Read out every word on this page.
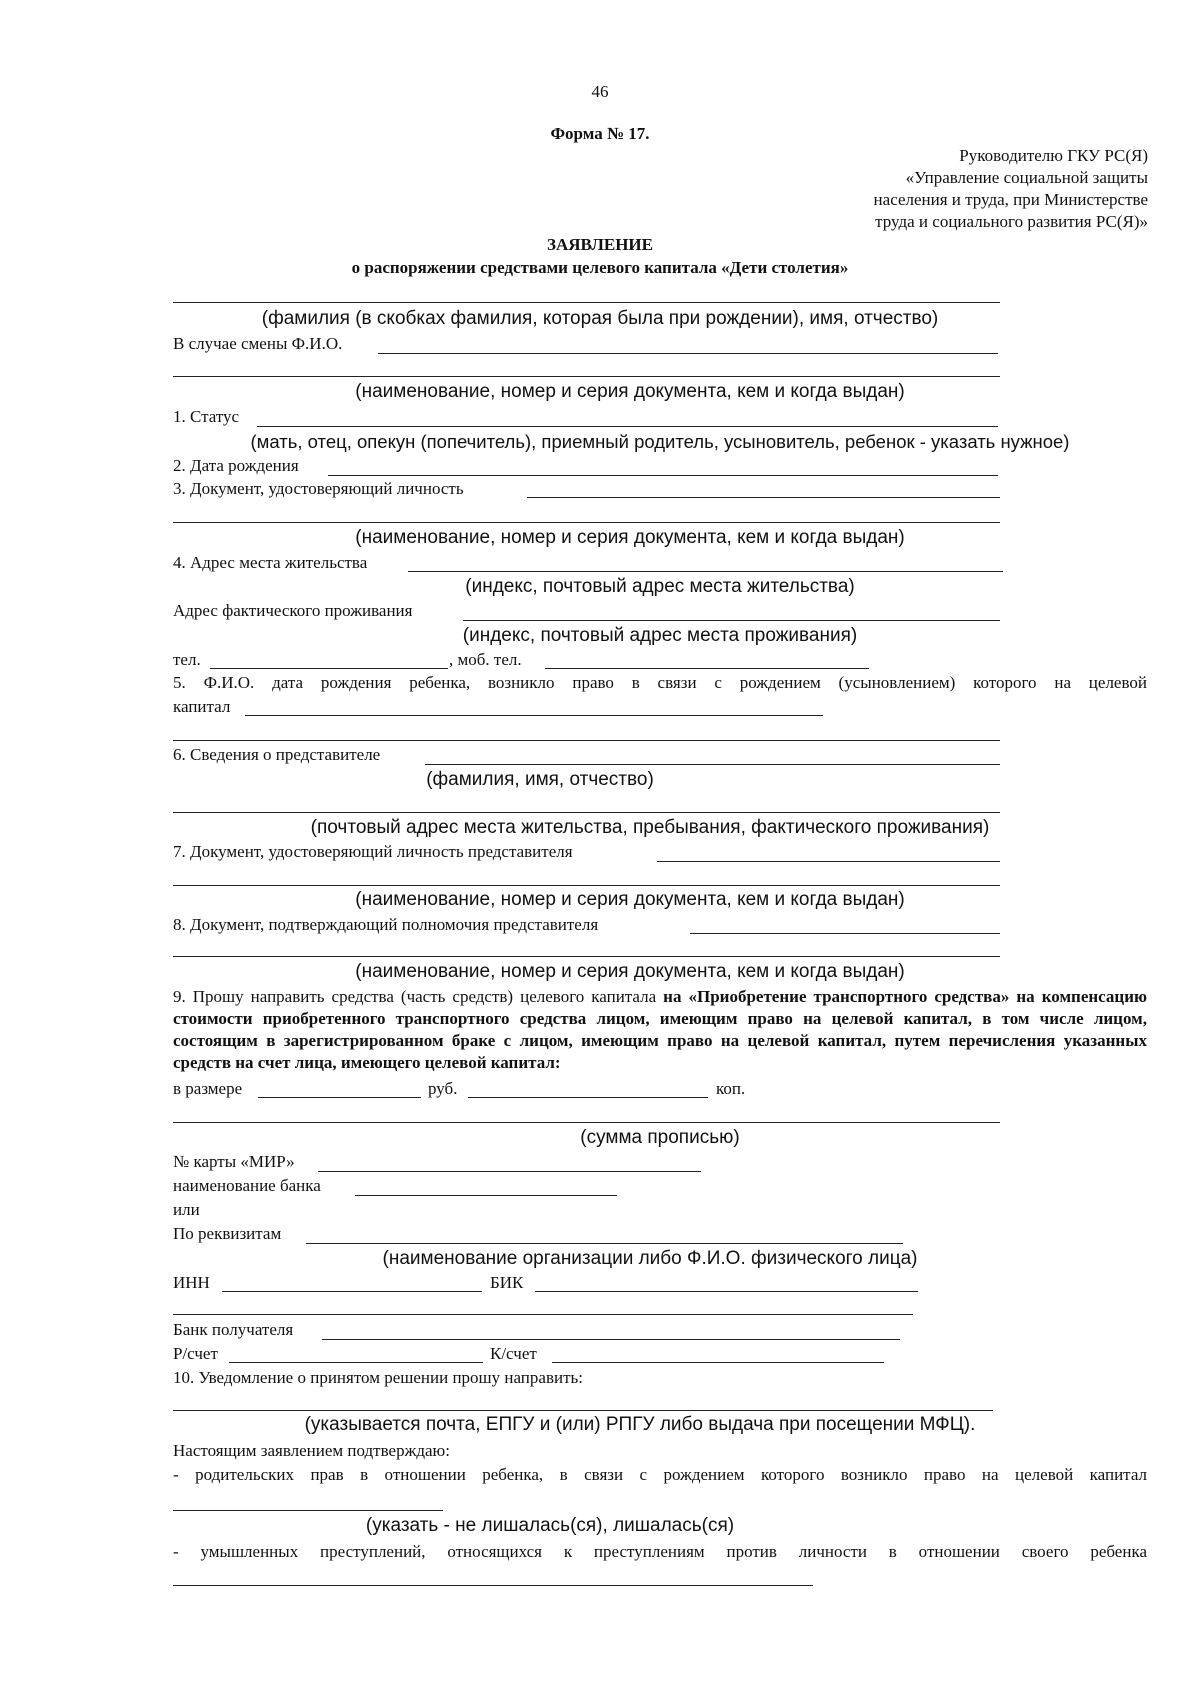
46
Форма № 17.
Руководителю ГКУ РС(Я)
«Управление социальной защиты
населения и труда, при Министерстве
труда и социального развития РС(Я)»
ЗАЯВЛЕНИЕ
о распоряжении средствами целевого капитала «Дети столетия»
(фамилия (в скобках фамилия, которая была при рождении), имя, отчество)
В случае смены Ф.И.О.
(наименование, номер и серия документа, кем и когда выдан)
1. Статус
(мать, отец, опекун (попечитель), приемный родитель, усыновитель, ребенок - указать нужное)
2. Дата рождения
3. Документ, удостоверяющий личность
(наименование, номер и серия документа, кем и когда выдан)
4. Адрес места жительства
(индекс, почтовый адрес места жительства)
Адрес фактического проживания
(индекс, почтовый адрес места проживания)
тел.	, моб. тел.
5. Ф.И.О. дата рождения ребенка, возникло право в связи с рождением (усыновлением) которого на целевой
капитал
6. Сведения о представителе
(фамилия, имя, отчество)
(почтовый адрес места жительства, пребывания, фактического проживания)
7. Документ, удостоверяющий личность представителя
(наименование, номер и серия документа, кем и когда выдан)
8. Документ, подтверждающий полномочия представителя
(наименование, номер и серия документа, кем и когда выдан)
9. Прошу направить средства (часть средств) целевого капитала на «Приобретение транспортного средства» на компенсацию стоимости приобретенного транспортного средства лицом, имеющим право на целевой капитал, в том числе лицом, состоящим в зарегистрированном браке с лицом, имеющим право на целевой капитал, путем перечисления указанных средств на счет лица, имеющего целевой капитал:
в размере	руб.	коп.
(сумма прописью)
№ карты «МИР»
наименование банка
или
По реквизитам
(наименование организации либо Ф.И.О. физического лица)
ИНН	БИК
Банк получателя
Р/счет	К/счет
10. Уведомление о принятом решении прошу направить:
(указывается почта, ЕПГУ и (или) РПГУ либо выдача при посещении МФЦ).
Настоящим заявлением подтверждаю:
- родительских прав в отношении ребенка, в связи с рождением которого возникло право на целевой капитал
(указать - не лишалась(ся), лишалась(ся)
- умышленных преступлений, относящихся к преступлениям против личности в отношении своего ребенка
